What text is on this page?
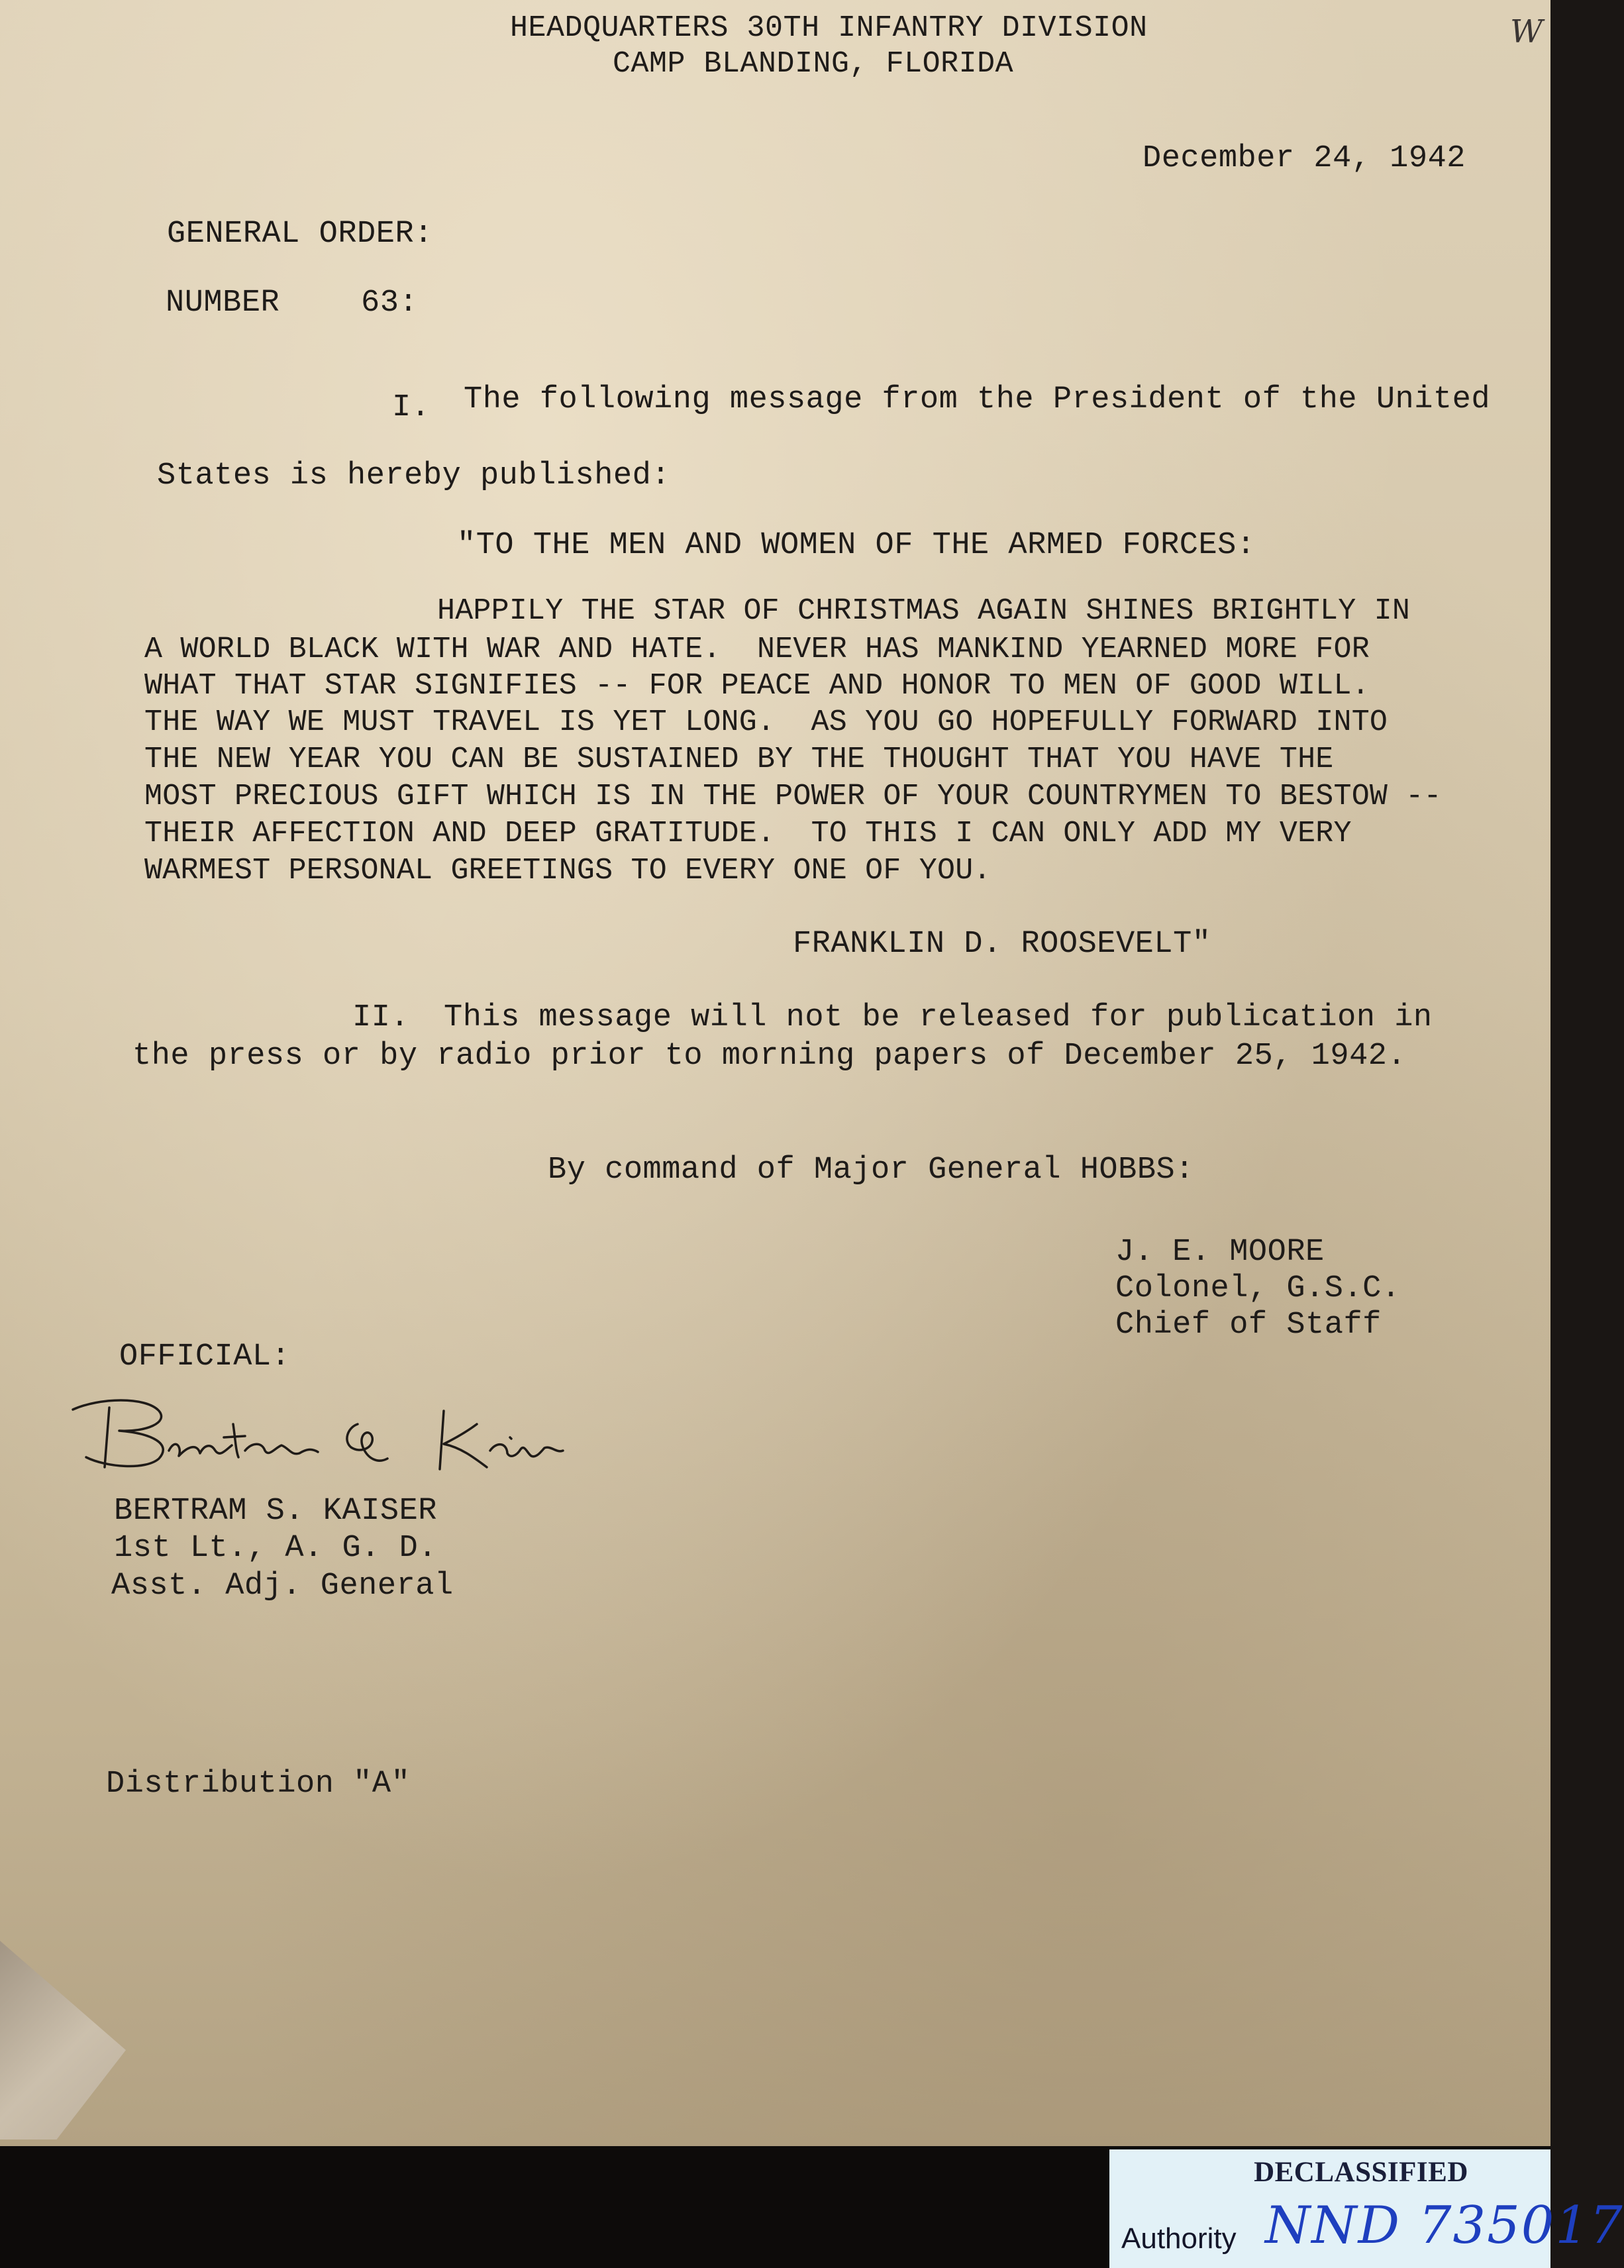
HEADQUARTERS 30TH INFANTRY DIVISION
CAMP BLANDING, FLORIDA
W
December 24, 1942
GENERAL ORDER:
NUMBER	63:
I. The following message from the President of the United
States is hereby published:
"TO THE MEN AND WOMEN OF THE ARMED FORCES:
HAPPILY THE STAR OF CHRISTMAS AGAIN SHINES BRIGHTLY IN
A WORLD BLACK WITH WAR AND HATE.  NEVER HAS MANKIND YEARNED MORE FOR
WHAT THAT STAR SIGNIFIES -- FOR PEACE AND HONOR TO MEN OF GOOD WILL.
THE WAY WE MUST TRAVEL IS YET LONG.  AS YOU GO HOPEFULLY FORWARD INTO
THE NEW YEAR YOU CAN BE SUSTAINED BY THE THOUGHT THAT YOU HAVE THE
MOST PRECIOUS GIFT WHICH IS IN THE POWER OF YOUR COUNTRYMEN TO BESTOW --
THEIR AFFECTION AND DEEP GRATITUDE.  TO THIS I CAN ONLY ADD MY VERY
WARMEST PERSONAL GREETINGS TO EVERY ONE OF YOU.
FRANKLIN D. ROOSEVELT"
II. This message will not be released for publication in
the press or by radio prior to morning papers of December 25, 1942.
By command of Major General HOBBS:
J. E. MOORE
Colonel, G.S.C.
Chief of Staff
OFFICIAL:
BERTRAM S. KAISER
1st Lt., A. G. D.
Asst. Adj. General
Distribution "A"
DECLASSIFIED
Authority NND 735017
